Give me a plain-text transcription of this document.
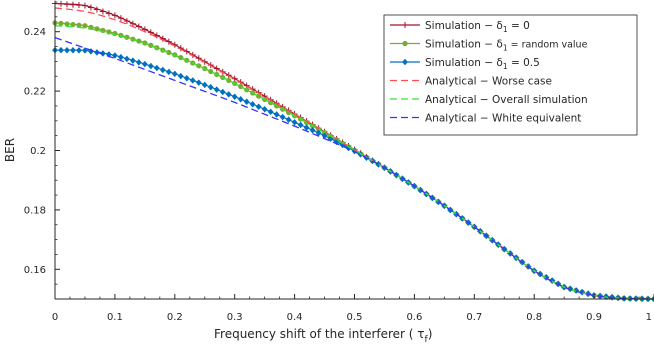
0	0.1	0.2	0.3	0.4	0.5	0.6	0.7	0.8	0.9	1
0.16
0.18
0.2
0.22
0.24
BER
Frequency shift of the interferer ( $\tau_f$)
Simulation − $\delta_1 = 0$
Simulation − $\delta_1$ = random value
Simulation − $\delta_1 = 0.5$
Analytical − Worse case
Analytical − Overall simulation
Analytical − White equivalent
